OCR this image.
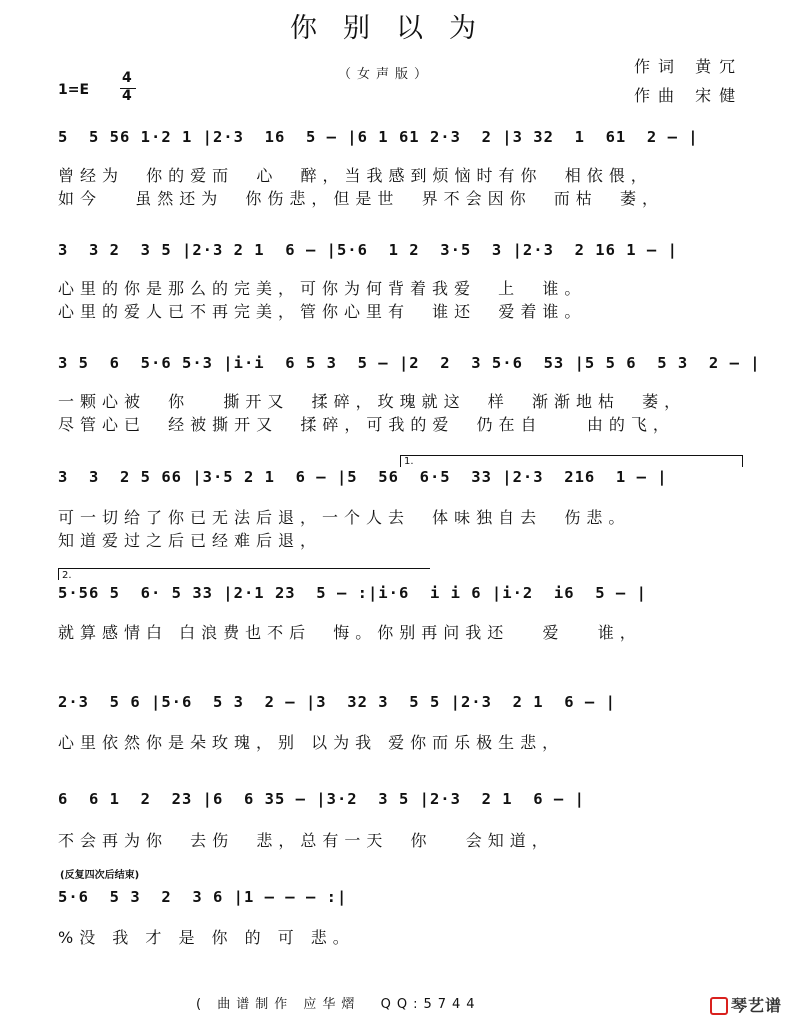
你别以为
（女声版）	作词 黄冗
作曲 宋健
1=E
4
4
5  5 56 1·2 1 |2·3  16  5 – |6 1 61 2·3  2 |3 32  1  61  2 – |
曾经为  你的爱而  心  醉，当我感到烦恼时有你  相依偎，
如今   虽然还为  你伤悲，但是世  界不会因你  而枯  萎，
3  3 2  3 5 |2·3 2 1  6 – |5·6  1 2  3·5  3 |2·3  2 16 1 – |
心里的你是那么的完美，可你为何背着我爱  上  谁。
心里的爱人已不再完美，管你心里有  谁还  爱着谁。
3 5  6  5·6 5·3 |i·i  6 5 3  5 – |2  2  3 5·6  53 |5 5 6  5 3  2 – |
一颗心被  你   撕开又  揉碎，玫瑰就这  样  渐渐地枯  萎，
尽管心已  经被撕开又  揉碎，可我的爱  仍在自    由的飞，
1.
3  3  2 5 66 |3·5 2 1  6 – |5  56  6·5  33 |2·3  216  1 – |
可一切给了你已无法后退，一个人去  体味独自去  伤悲。
知道爱过之后已经难后退，
2.
5·56 5  6· 5 33 |2·1 23  5 – :|i·6  i i 6 |i·2  i6  5 – |
就算感情白 白浪费也不后  悔。你别再问我还   爱   谁，
2·3  5 6 |5·6  5 3  2 – |3  32 3  5 5 |2·3  2 1  6 – |
心里依然你是朵玫瑰，别 以为我 爱你而乐极生悲，
6  6 1  2  23 |6  6 35 – |3·2  3 5 |2·3  2 1  6 – |
不会再为你  去伤  悲，总有一天  你   会知道，
(反复四次后结束)
5·6  5 3  2  3 6 |1 – – – :|
%没 我 才 是 你 的 可 悲。
( 曲谱制作 应华熠  QQ:5744	琴艺谱
